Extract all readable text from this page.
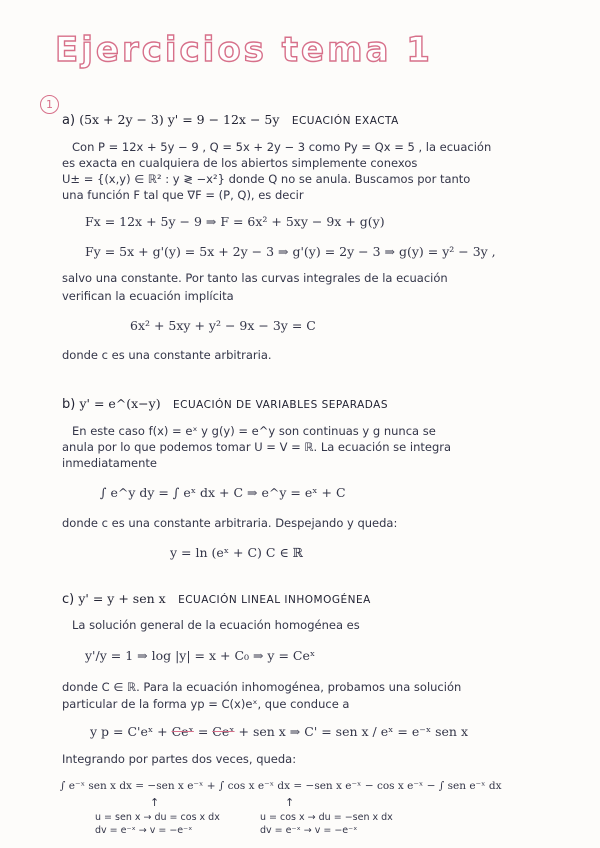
Ejercicios tema 1
1
a) (5x + 2y − 3) y' = 9 − 12x − 5y ECUACIÓN EXACTA
Con P = 12x + 5y − 9 , Q = 5x + 2y − 3 como Py = Qx = 5 , la ecuación
es exacta en cualquiera de los abiertos simplemente conexos
U± = {(x,y) ∈ ℝ² : y ≷ −x²} donde Q no se anula. Buscamos por tanto
una función F tal que ∇F = (P, Q), es decir
Fx = 12x + 5y − 9 ⇒ F = 6x² + 5xy − 9x + g(y)
Fy = 5x + g'(y) = 5x + 2y − 3 ⇒ g'(y) = 2y − 3 ⇒ g(y) = y² − 3y ,
salvo una constante. Por tanto las curvas integrales de la ecuación
verifican la ecuación implícita
6x² + 5xy + y² − 9x − 3y = C
donde c es una constante arbitraria.
b) y' = e^(x−y) ECUACIÓN DE VARIABLES SEPARADAS
En este caso f(x) = eˣ y g(y) = e^y son continuas y g nunca se
anula por lo que podemos tomar U = V = ℝ. La ecuación se integra
inmediatamente
∫ e^y dy = ∫ eˣ dx + C ⇒ e^y = eˣ + C
donde c es una constante arbitraria. Despejando y queda:
y = ln (eˣ + C) C ∈ ℝ
c) y' = y + sen x ECUACIÓN LINEAL INHOMOGÉNEA
La solución general de la ecuación homogénea es
y'/y = 1 ⇒ log |y| = x + C₀ ⇒ y = Ceˣ
donde C ∈ ℝ. Para la ecuación inhomogénea, probamos una solución
particular de la forma yp = C(x)eˣ, que conduce a
y p = C'eˣ + Ceˣ = Ceˣ + sen x ⇒ C' = sen x / eˣ = e⁻ˣ sen x
Integrando por partes dos veces, queda:
∫ e⁻ˣ sen x dx = −sen x e⁻ˣ + ∫ cos x e⁻ˣ dx = −sen x e⁻ˣ − cos x e⁻ˣ − ∫ sen e⁻ˣ dx
↑	↑
u = sen x → du = cos x dx
dv = e⁻ˣ → v = −e⁻ˣ
u = cos x → du = −sen x dx
dv = e⁻ˣ → v = −e⁻ˣ
